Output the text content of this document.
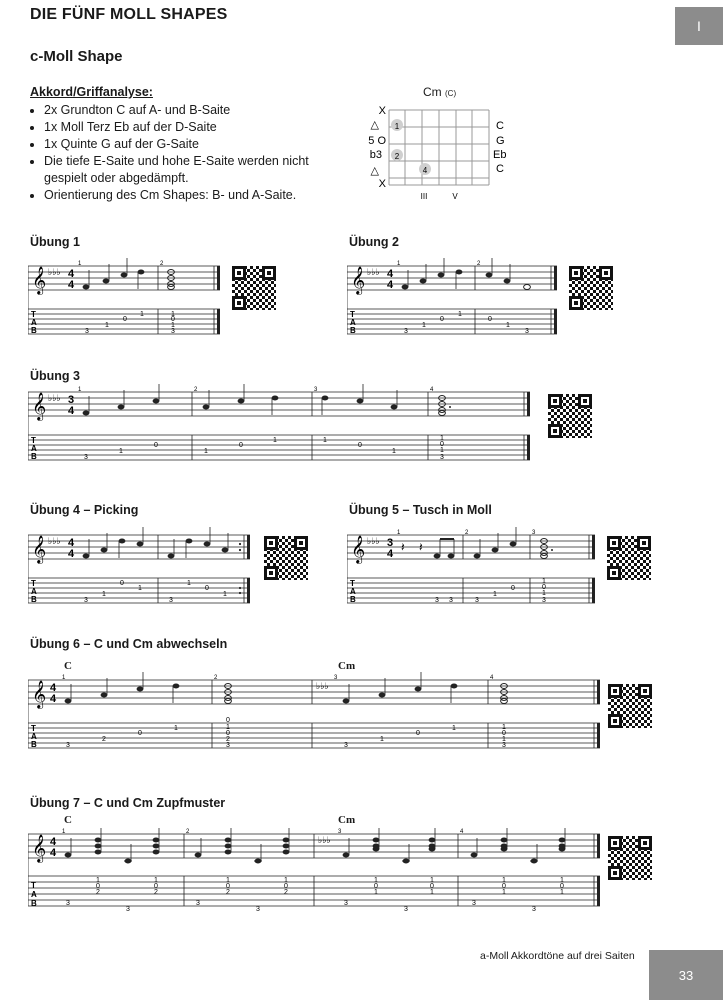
DIE FÜNF MOLL SHAPES
I
c-Moll Shape
Akkord/Griffanalyse:
• 2x Grundton C auf A- und B-Saite
• 1x Moll Terz Eb auf der D-Saite
• 1x Quinte G auf der G-Saite
• Die tiefe E-Saite und hohe E-Saite werden nicht gespielt oder abgedämpft.
• Orientierung des Cm Shapes: B- und A-Saite.
Cm (C)
X
△
5 O
b3
△
X
1
2
4
C
G
Eb
C
III	V
Übung 1
𝄞 ♭♭♭ 4
4
T
A
B
1	2
3
1
0
1	1
0
1
3
Übung 2
𝄞 ♭♭♭ 4
4
T
A
B
1	2
3
1
0
1
0
1
3
Übung 3
𝄞 ♭♭♭ 3
4
T
A
B
1	2	3	4
3
1
0
1
0
1	1
0
1
1
0
1
3
Übung 4 – Picking
𝄞 ♭♭♭ 4
4
T
A
B	3
1
0
1
3
1
0
1
Übung 5 – Tusch in Moll
𝄞 ♭♭♭ 3
4
T
A
B
1	2	3
𝄽 𝄽
3 3	3
1
0
1
0
1
3
Übung 6 – C und Cm abwechseln
C	Cm
𝄞 4
4
♭♭♭
T
A
B
1	2	3	4
3
2
0
1
0
1
0
2
3	3
1
0
1	1
0
1
3
Übung 7 – C und Cm Zupfmuster
C	Cm
𝄞 4
4
♭♭♭
T
A
B
1	2	3	4
3
1
0
2
3
1
0
2
3
1
0
2
3
1
0
2
3
1
0
1
3
1
0
1
3
1
0
1
3
1
0
1
a-Moll Akkordtöne auf drei Saiten
33
